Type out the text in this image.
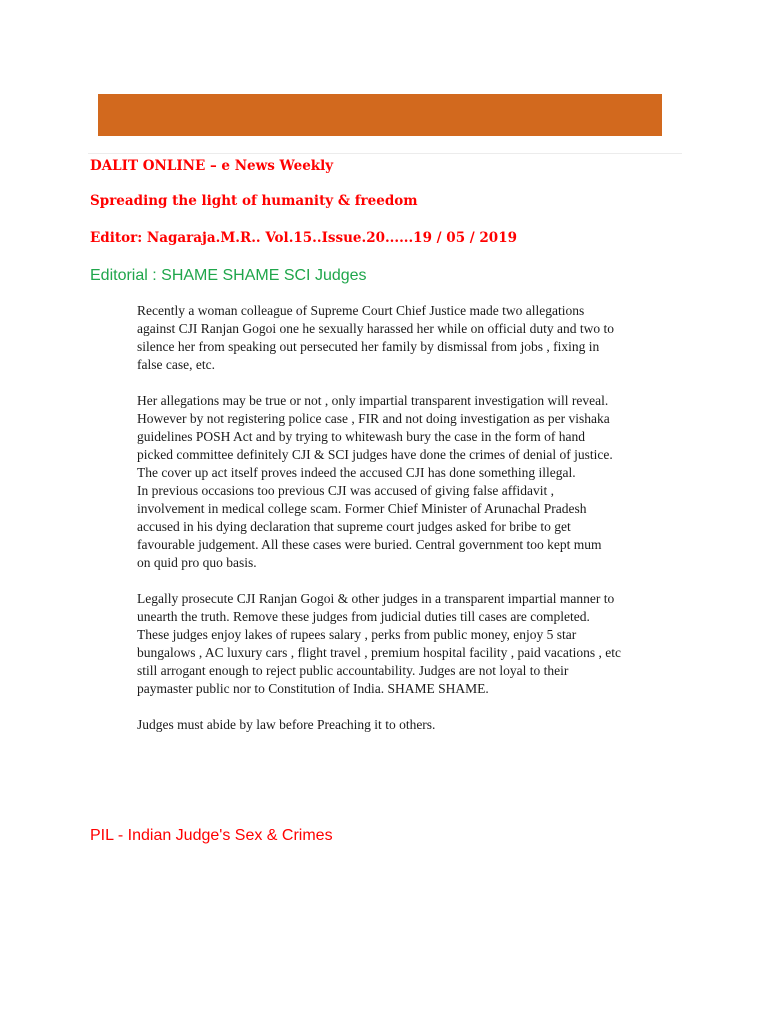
DALIT ONLINE – e News Weekly

Spreading the light of humanity & freedom

Editor: Nagaraja.M.R.. Vol.15..Issue.20......19 / 05 / 2019

Editorial : SHAME SHAME SCI Judges

Recently a woman colleague of Supreme Court Chief Justice made two allegations
against CJI Ranjan Gogoi one he sexually harassed her while on official duty and two to
silence her from speaking out persecuted her family by dismissal from jobs , fixing in
false case, etc.

Her allegations may be true or not , only impartial transparent investigation will reveal.
However by not registering police case , FIR and not doing investigation as per vishaka
guidelines POSH Act and by trying to whitewash bury the case in the form of hand
picked committee definitely CJI & SCI judges have done the crimes of denial of justice.
The cover up act itself proves indeed the accused CJI has done something illegal.
In previous occasions too previous CJI was accused of giving false affidavit ,
involvement in medical college scam. Former Chief Minister of Arunachal Pradesh
accused in his dying declaration that supreme court judges asked for bribe to get
favourable judgement. All these cases were buried. Central government too kept mum
on quid pro quo basis.

Legally prosecute CJI Ranjan Gogoi & other judges in a transparent impartial manner to
unearth the truth. Remove these judges from judicial duties till cases are completed.
These judges enjoy lakes of rupees salary , perks from public money, enjoy 5 star
bungalows , AC luxury cars , flight travel , premium hospital facility , paid vacations , etc
still arrogant enough to reject public accountability. Judges are not loyal to their
paymaster public nor to Constitution of India. SHAME SHAME.

Judges must abide by law before Preaching it to others.

PIL - Indian Judge's Sex & Crimes
